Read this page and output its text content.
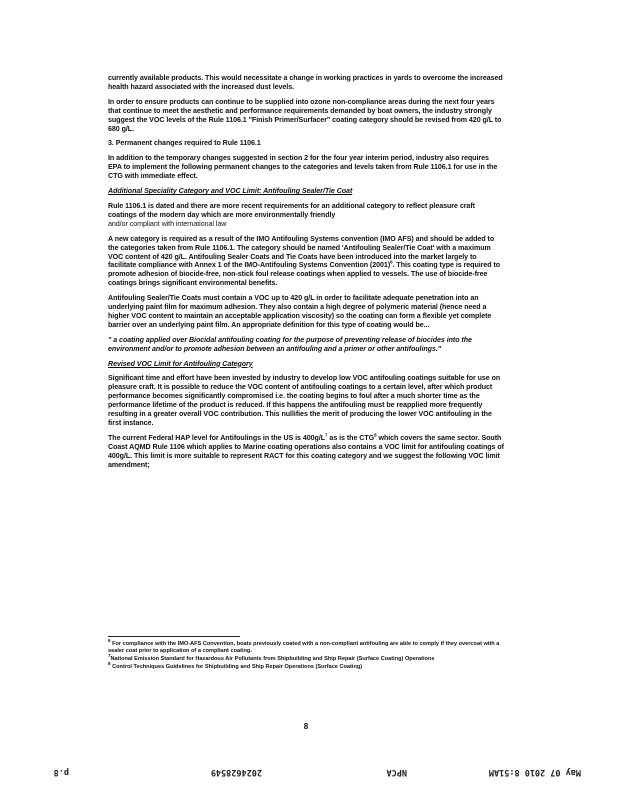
currently available products. This would necessitate a change in working practices in yards to overcome the increased health hazard associated with the increased dust levels.

In order to ensure products can continue to be supplied into ozone non-compliance areas during the next four years that continue to meet the aesthetic and performance requirements demanded by boat owners, the industry strongly suggest the VOC levels of the Rule 1106.1 "Finish Primer/Surfacer" coating category should be revised from 420 g/L to 680 g/L.

3. Permanent changes required to Rule 1106.1

In addition to the temporary changes suggested in section 2 for the four year interim period, industry also requires EPA to implement the following permanent changes to the categories and levels taken from Rule 1106.1 for use in the CTG with immediate effect.

Additional Speciality Category and VOC Limit: Antifouling Sealer/Tie Coat

Rule 1106.1 is dated and there are more recent requirements for an additional category to reflect pleasure craft coatings of the modern day which are more environmentally friendly
and/or compliant with international law

A new category is required as a result of the IMO Antifouling Systems convention (IMO AFS) and should be added to the categories taken from Rule 1106.1. The category should be named 'Antifouling Sealer/Tie Coat' with a maximum VOC content of 420 g/L. Antifouling Sealer Coats and Tie Coats have been introduced into the market largely to facilitate compliance with Annex 1 of the IMO-Antifouling Systems Convention $(2001)^6$. This coating type is required to promote adhesion of biocide-free, non-stick foul release coatings when applied to vessels. The use of biocide-free coatings brings significant environmental benefits.

Antifouling Sealer/Tie Coats must contain a VOC up to 420 g/L in order to facilitate adequate penetration into an underlying paint film for maximum adhesion. They also contain a high degree of polymeric material (hence need a higher VOC content to maintain an acceptable application viscosity) so the coating can form a flexible yet complete barrier over an underlying paint film. An appropriate definition for this type of coating would be...

" a coating applied over Biocidal antifouling coating for the purpose of preventing release of biocides into the environment and/or to promote adhesion between an antifouling and a primer or other antifoulings."

Revised VOC Limit for Antifouling Category

Significant time and effort have been invested by industry to develop low VOC antifouling coatings suitable for use on pleasure craft. It is possible to reduce the VOC content of antifouling coatings to a certain level, after which product performance becomes significantly compromised i.e. the coating begins to foul after a much shorter time as the performance lifetime of the product is reduced. If this happens the antifouling must be reapplied more frequently resulting in a greater overall VOC contribution. This nullifies the merit of producing the lower VOC antifouling in the first instance.

The current Federal HAP level for Antifoulings in the US is $400g/L^7$ as is the CTG$^8$ which covers the same sector. South Coast AQMD Rule 1106 which applies to Marine coating operations also contains a VOC limit for antifouling coatings of 400g/L. This limit is more suitable to represent RACT for this coating category and we suggest the following VOC limit amendment;

$^6$ For compliance with the IMO-AFS Convention, boats previously coated with a non-compliant antifouling are able to comply if they overcoat with a sealer coat prior to application of a compliant coating.

$^7$National Emission Standard for Hazardous Air Pollutants from Shipbuilding and Ship Repair (Surface Coating) Operations

$^8$ Control Techniques Guidelines for Shipbuilding and Ship Repair Operations (Surface Coating)

8
May 07 2010 8:51AM
NPCA
2024628549
p.8
